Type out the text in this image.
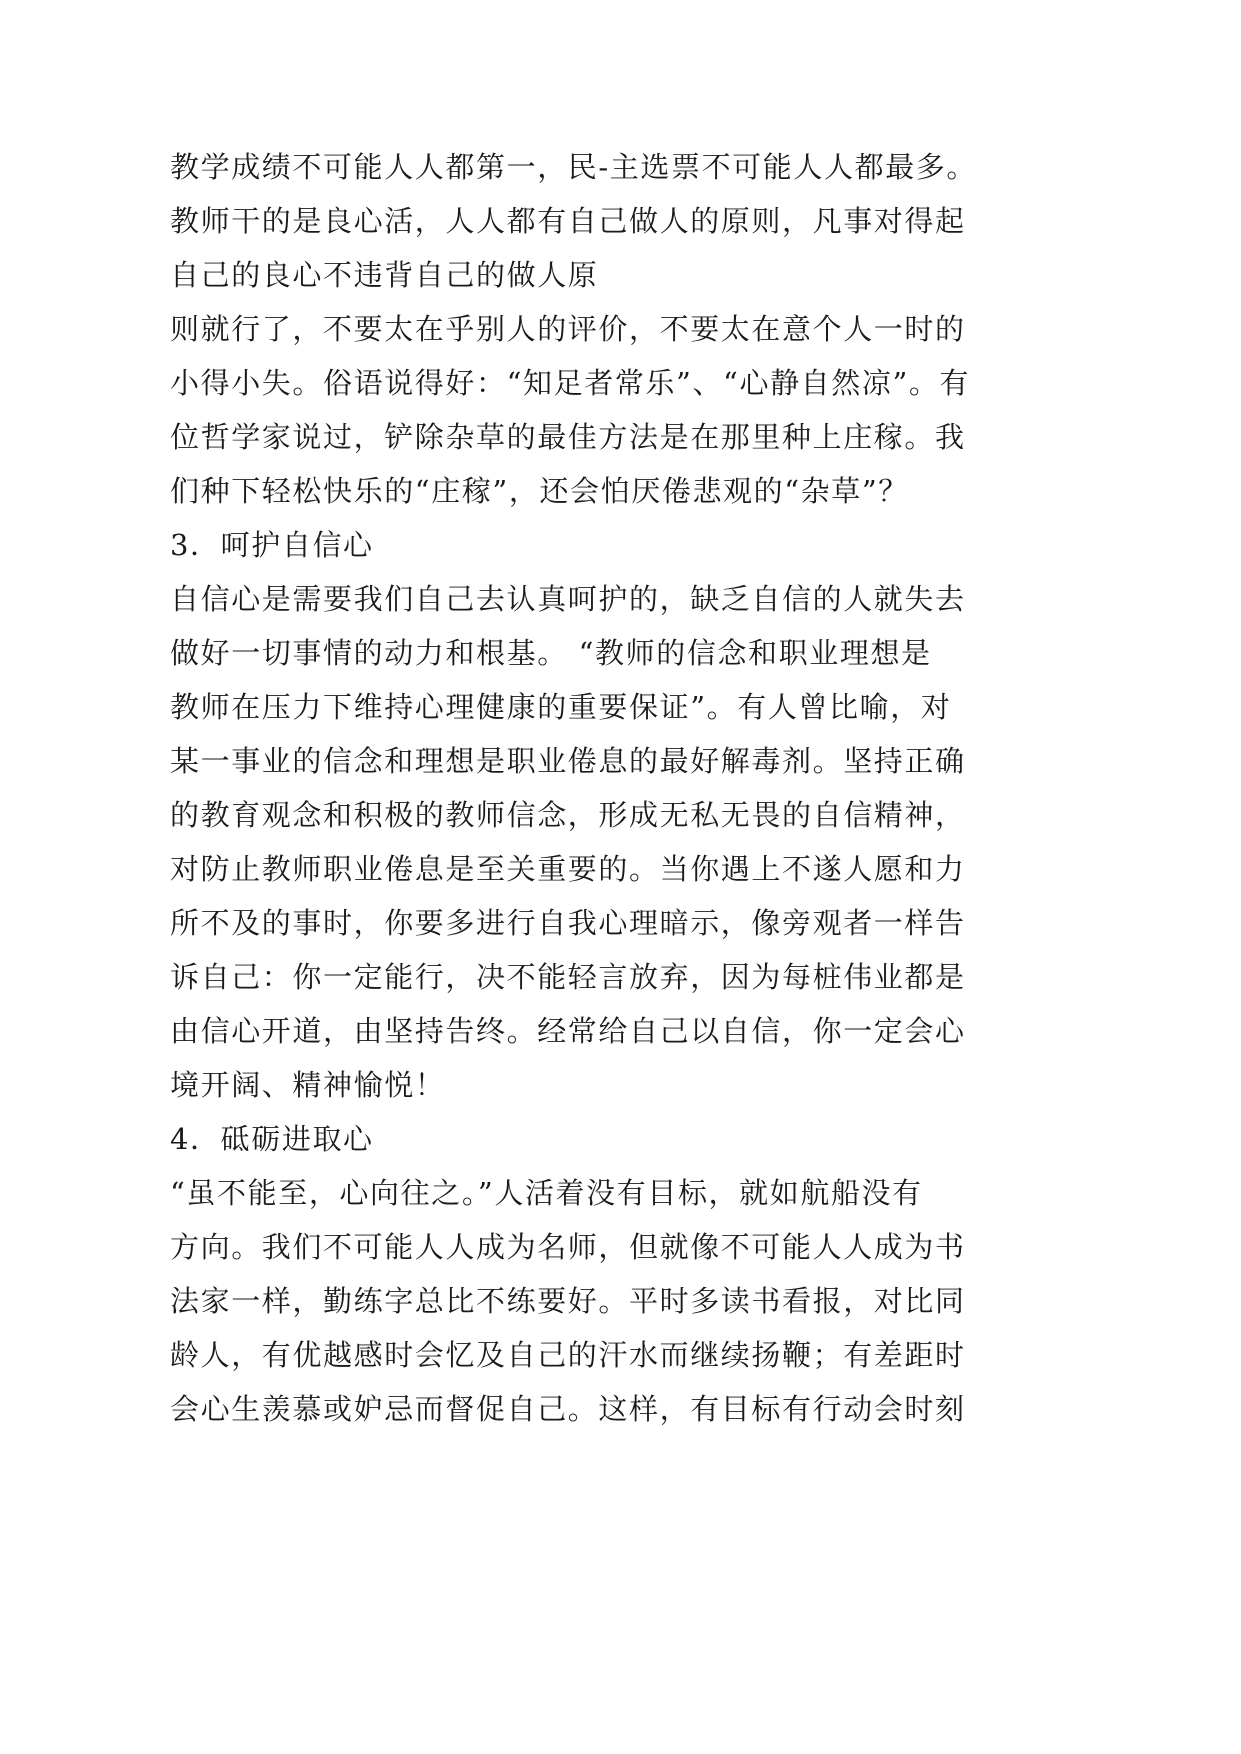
教学成绩不可能人人都第一，民-主选票不可能人人都最多。
教师干的是良心活，人人都有自己做人的原则，凡事对得起
自己的良心不违背自己的做人原
则就行了，不要太在乎别人的评价，不要太在意个人一时的
小得小失。俗语说得好：“知足者常乐”、“心静自然凉”。有
位哲学家说过，铲除杂草的最佳方法是在那里种上庄稼。我
们种下轻松快乐的“庄稼”，还会怕厌倦悲观的“杂草”？
3．呵护自信心
自信心是需要我们自己去认真呵护的，缺乏自信的人就失去
做好一切事情的动力和根基。 “教师的信念和职业理想是
教师在压力下维持心理健康的重要保证”。有人曾比喻，对
某一事业的信念和理想是职业倦息的最好解毒剂。坚持正确
的教育观念和积极的教师信念，形成无私无畏的自信精神，
对防止教师职业倦息是至关重要的。当你遇上不遂人愿和力
所不及的事时，你要多进行自我心理暗示，像旁观者一样告
诉自己：你一定能行，决不能轻言放弃，因为每桩伟业都是
由信心开道，由坚持告终。经常给自己以自信，你一定会心
境开阔、精神愉悦！
4．砥砺进取心
“虽不能至，心向往之。”人活着没有目标，就如航船没有
方向。我们不可能人人成为名师，但就像不可能人人成为书
法家一样，勤练字总比不练要好。平时多读书看报，对比同
龄人，有优越感时会忆及自己的汗水而继续扬鞭；有差距时
会心生羡慕或妒忌而督促自己。这样，有目标有行动会时刻
